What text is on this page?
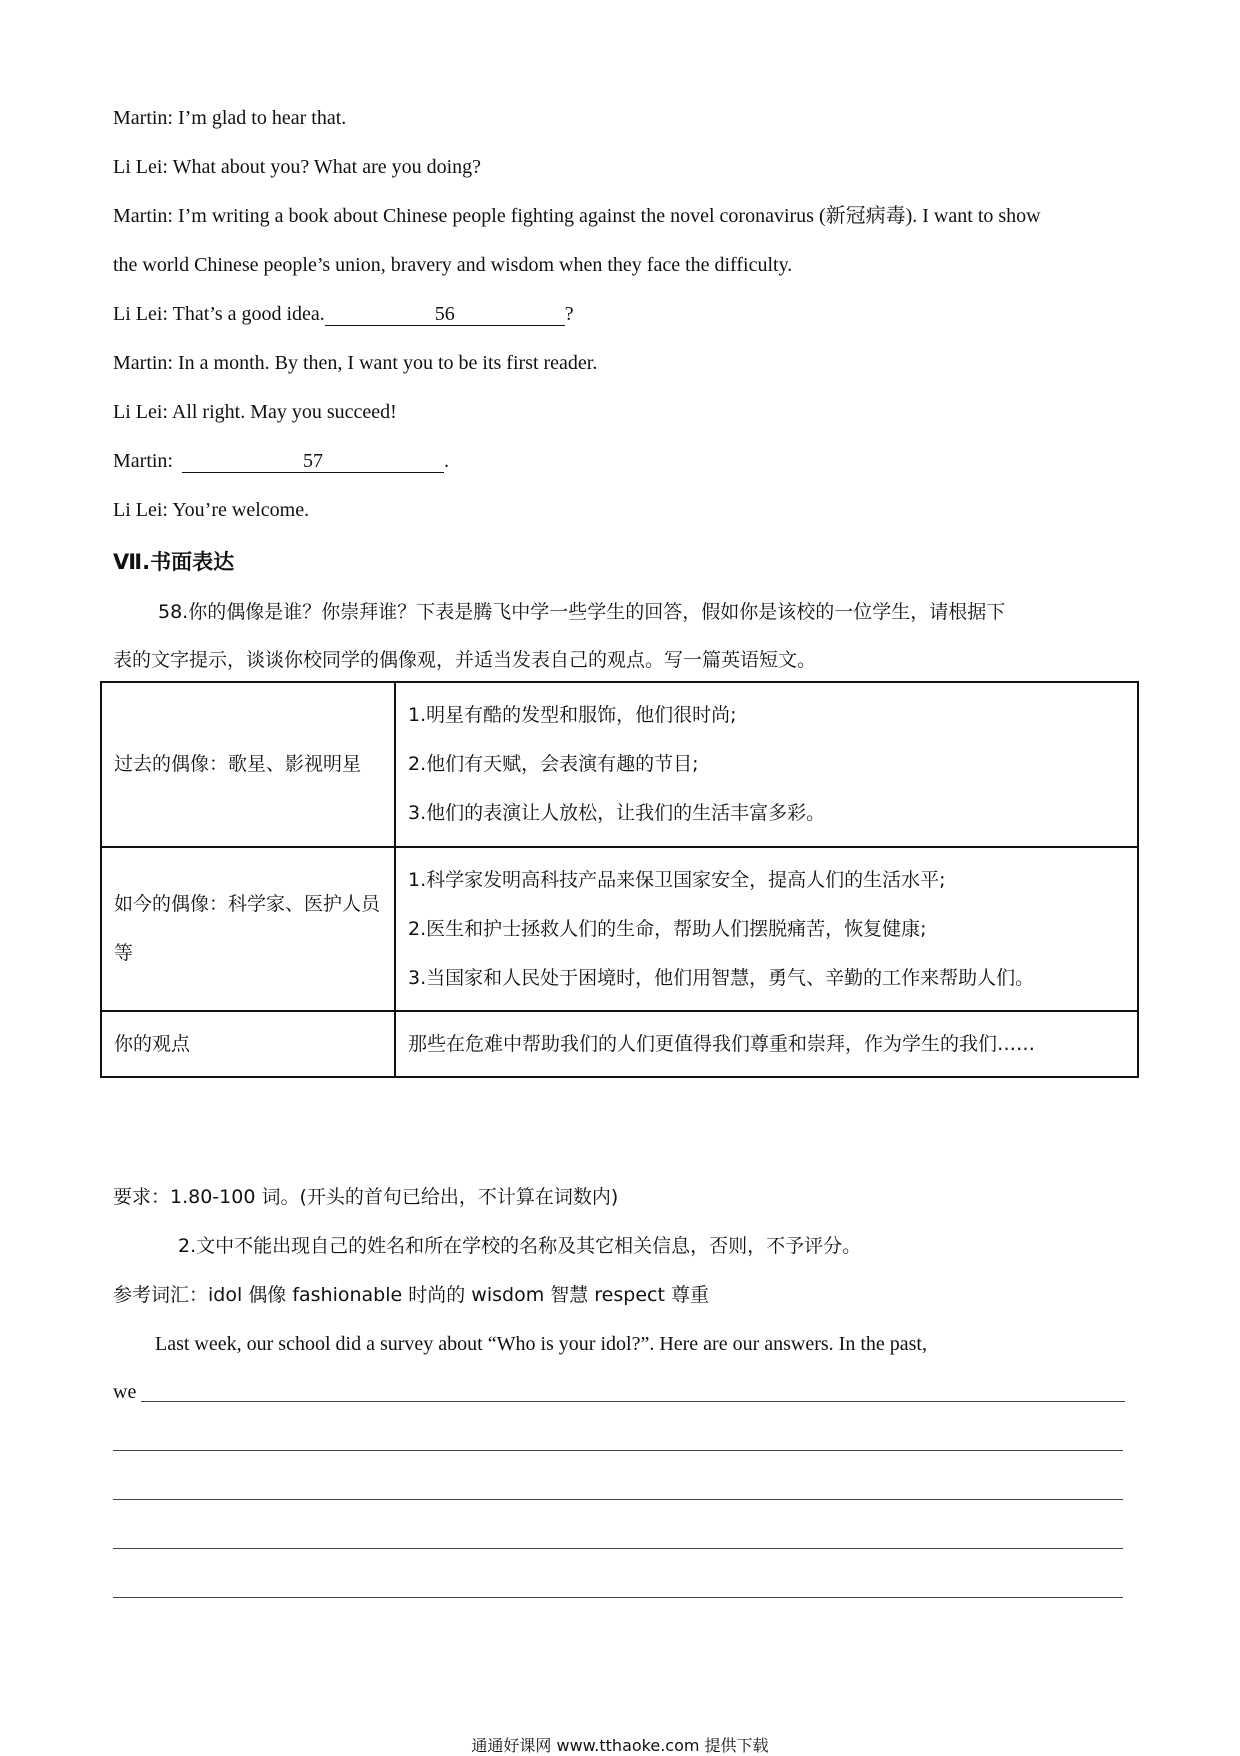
Martin: I’m glad to hear that.
Li Lei: What about you? What are you doing?
Martin: I’m writing a book about Chinese people fighting against the novel coronavirus (新冠病毒). I want to show
the world Chinese people’s union, bravery and wisdom when they face the difficulty.
Li Lei: That’s a good idea.	56	?
Martin: In a month. By then, I want you to be its first reader.
Li Lei: All right. May you succeed!
Martin:	57	.
Li Lei: You’re welcome.
Ⅶ.书面表达
58.你的偶像是谁？你崇拜谁？下表是腾飞中学一些学生的回答，假如你是该校的一位学生，请根据下
表的文字提示，谈谈你校同学的偶像观，并适当发表自己的观点。写一篇英语短文。
过去的偶像：歌星、影视明星	1.明星有酷的发型和服饰，他们很时尚;
2.他们有天赋，会表演有趣的节目;
3.他们的表演让人放松，让我们的生活丰富多彩。

如今的偶像：科学家、医护人员等	1.科学家发明高科技产品来保卫国家安全，提高人们的生活水平;
2.医生和护士拯救人们的生命，帮助人们摆脱痛苦，恢复健康;
3.当国家和人民处于困境时，他们用智慧，勇气、辛勤的工作来帮助人们。

你的观点	那些在危难中帮助我们的人们更值得我们尊重和崇拜，作为学生的我们……
要求：1.80-100 词。(开头的首句已给出，不计算在词数内)
2.文中不能出现自己的姓名和所在学校的名称及其它相关信息，否则，不予评分。
参考词汇：idol 偶像 fashionable 时尚的 wisdom 智慧 respect 尊重
Last week, our school did a survey about “Who is your idol?”. Here are our answers. In the past,
we
通通好课网 www.tthaoke.com 提供下载
